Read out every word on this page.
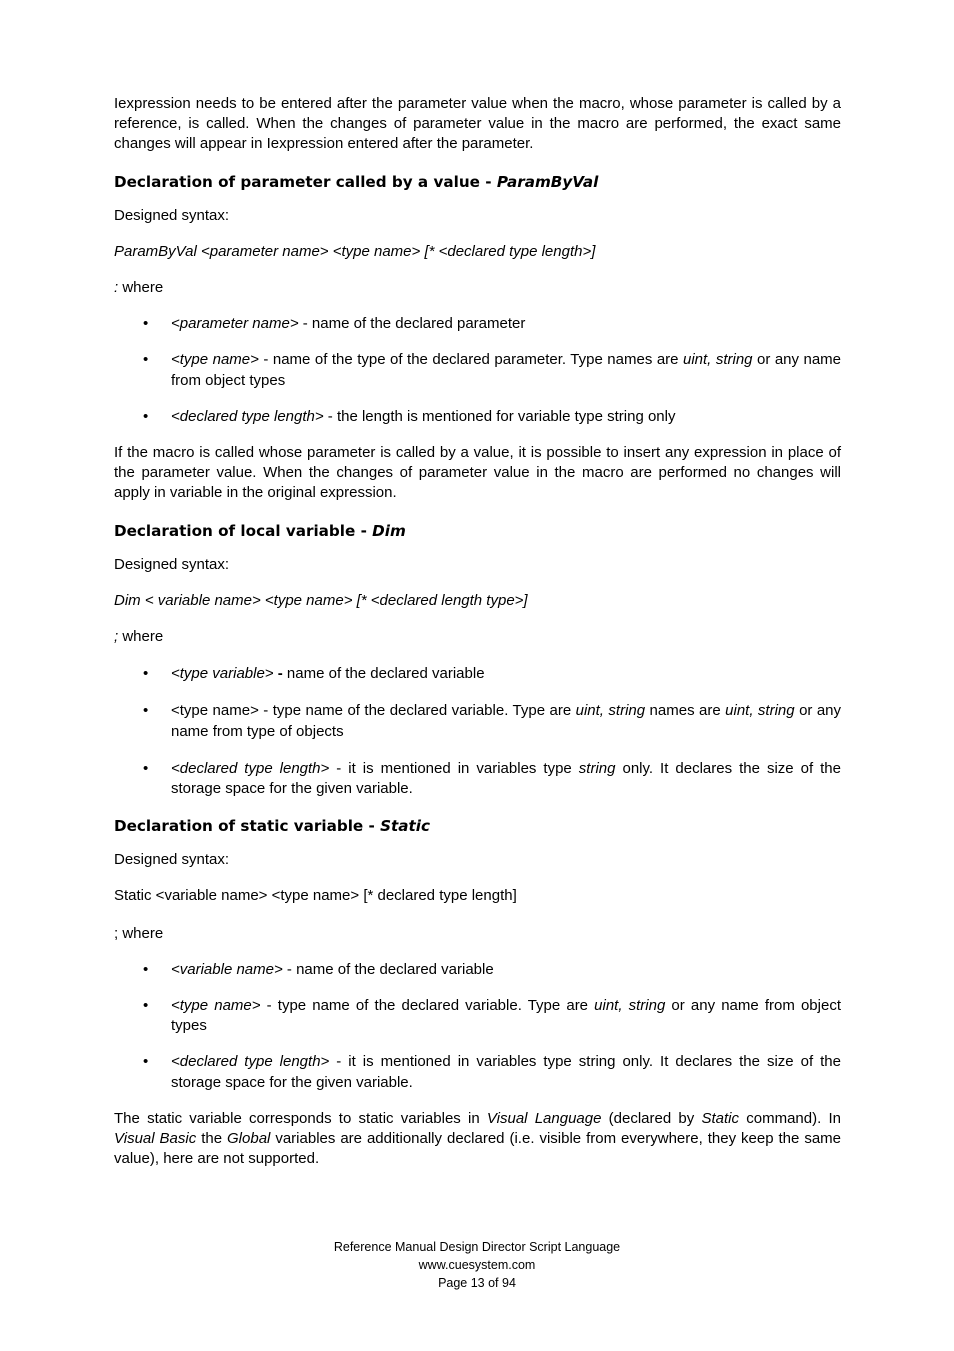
Iexpression needs to be entered after the parameter value when the macro, whose parameter is called by a reference, is called. When the changes of parameter value in the macro are performed, the exact same changes will appear in Iexpression entered after the parameter.

Declaration of parameter called by a value - ParamByVal

Designed syntax:

ParamByVal <parameter name> <type name> [* <declared type length>]

: where

• <parameter name> - name of the declared parameter
• <type name> - name of the type of the declared parameter. Type names are uint, string or any name from object types
• <declared type length> - the length is mentioned for variable type string only

If the macro is called whose parameter is called by a value, it is possible to insert any expression in place of the parameter value. When the changes of parameter value in the macro are performed no changes will apply in variable in the original expression.

Declaration of local variable - Dim

Designed syntax:

Dim < variable name> <type name> [* <declared length type>]

; where

• <type variable> - name of the declared variable
• <type name> - type name of the declared variable. Type are uint, string names are uint, string or any name from type of objects
• <declared type length> - it is mentioned in variables type string only. It declares the size of the storage space for the given variable.
Declaration of static variable - Static

Designed syntax:

Static <variable name> <type name> [* declared type length]

; where

• <variable name> - name of the declared variable
• <type name> - type name of the declared variable. Type are uint, string or any name from object types
• <declared type length> - it is mentioned in variables type string only. It declares the size of the storage space for the given variable.

The static variable corresponds to static variables in Visual Language (declared by Static command). In Visual Basic the Global variables are additionally declared (i.e. visible from everywhere, they keep the same value), here are not supported.

Reference Manual Design Director Script Language
www.cuesystem.com
Page 13 of 94
